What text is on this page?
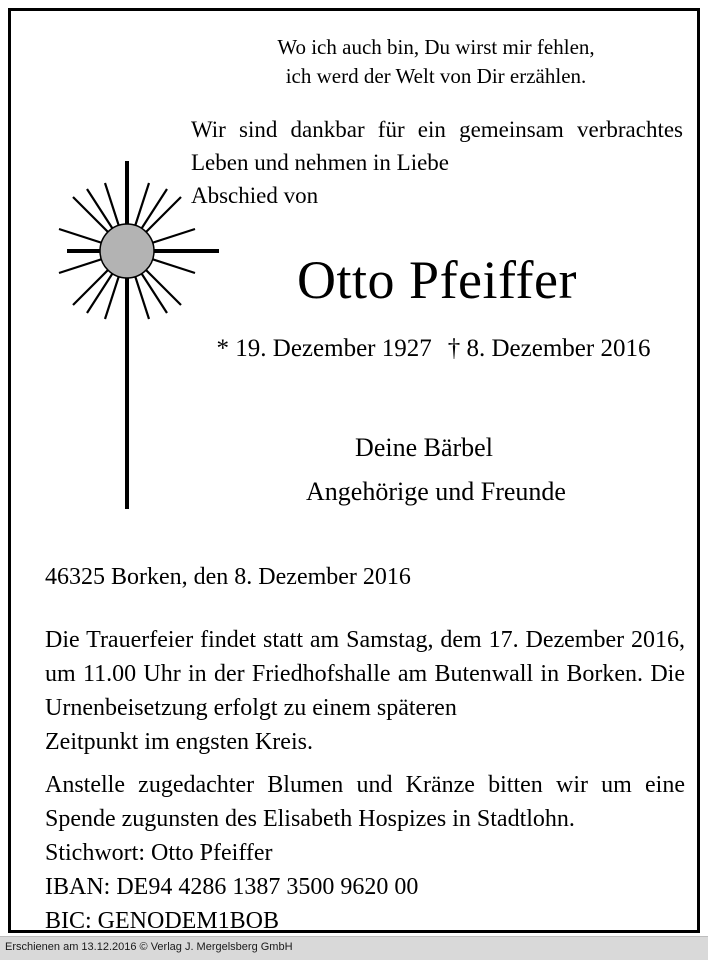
Wo ich auch bin, Du wirst mir fehlen,
ich werd der Welt von Dir erzählen.
Wir sind dankbar für ein gemeinsam verbrachtes Leben und nehmen in Liebe
Abschied von
Otto Pfeiffer
* 19. Dezember 1927 † 8. Dezember 2016
Deine Bärbel
Angehörige und Freunde
46325 Borken, den 8. Dezember 2016
Die Trauerfeier findet statt am Samstag, dem 17. Dezember 2016, um 11.00 Uhr in der Friedhofshalle am Butenwall in Borken. Die Urnenbeisetzung erfolgt zu einem späteren
Zeitpunkt im engsten Kreis.
Anstelle zugedachter Blumen und Kränze bitten wir um eine Spende zugunsten des Elisabeth Hospizes in Stadtlohn.
Stichwort: Otto Pfeiffer
IBAN: DE94 4286 1387 3500 9620 00
BIC: GENODEM1BOB
Erschienen am 13.12.2016 © Verlag J. Mergelsberg GmbH
